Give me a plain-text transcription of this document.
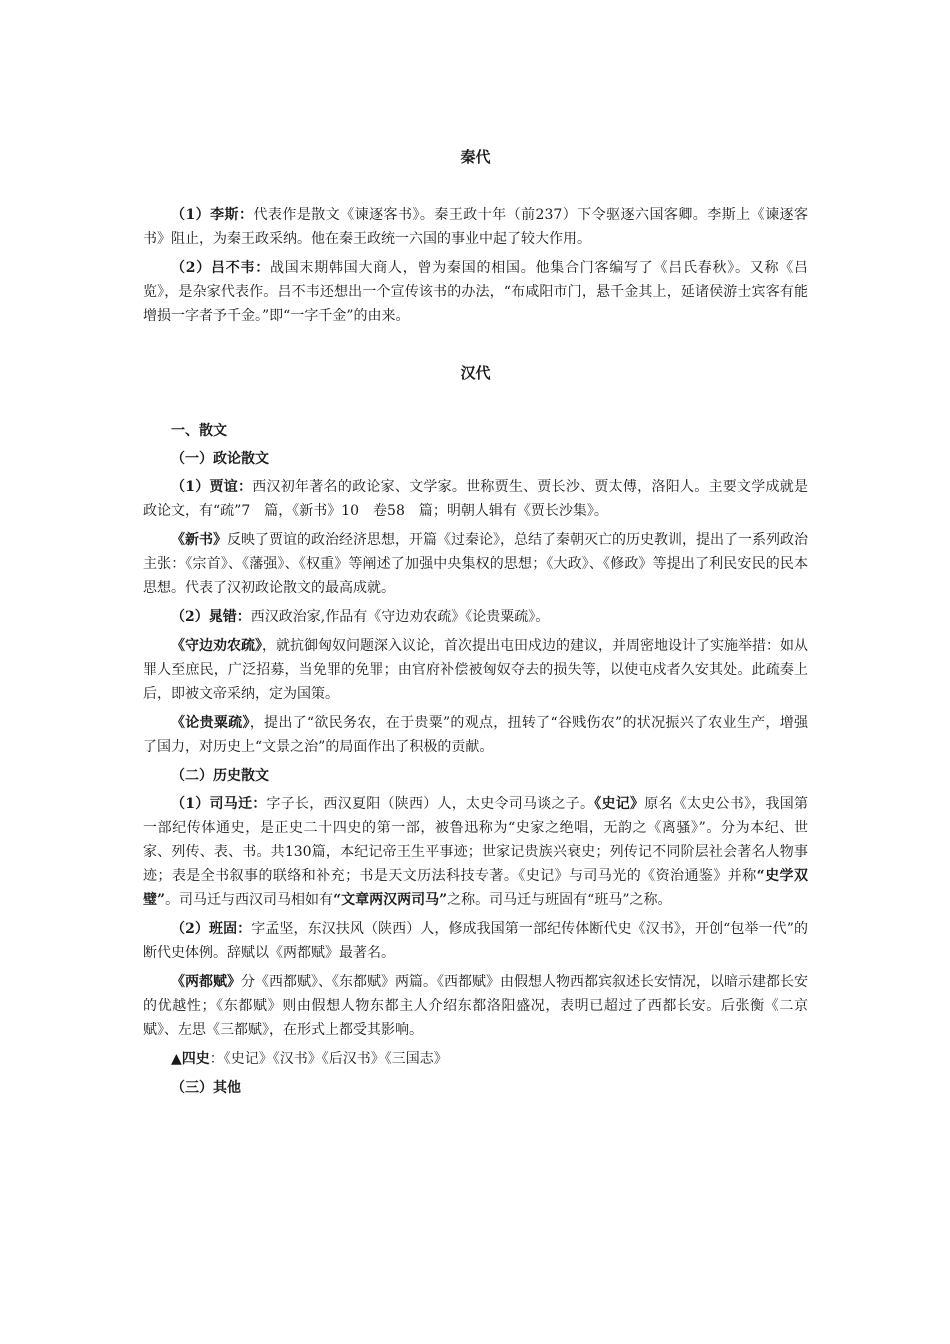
秦代

（1）李斯：代表作是散文《谏逐客书》。秦王政十年（前237）下令驱逐六国客卿。李斯上《谏逐客书》阻止，为秦王政采纳。他在秦王政统一六国的事业中起了较大作用。

（2）吕不韦：战国末期韩国大商人，曾为秦国的相国。他集合门客编写了《吕氏春秋》。又称《吕览》，是杂家代表作。吕不韦还想出一个宣传该书的办法，“布咸阳市门，悬千金其上，延诸侯游士宾客有能增损一字者予千金。”即“一字千金”的由来。

汉代

一、散文

（一）政论散文

（1）贾谊：西汉初年著名的政论家、文学家。世称贾生、贾长沙、贾太傅，洛阳人。主要文学成就是政论文，有“疏”7　篇，《新书》10　卷58　篇；明朝人辑有《贾长沙集》。

《新书》反映了贾谊的政治经济思想，开篇《过秦论》，总结了秦朝灭亡的历史教训，提出了一系列政治主张：《宗首》、《藩强》、《权重》等阐述了加强中央集权的思想；《大政》、《修政》等提出了利民安民的民本思想。代表了汉初政论散文的最高成就。

（2）晁错：西汉政治家,作品有《守边劝农疏》《论贵粟疏》。

《守边劝农疏》，就抗御匈奴问题深入议论，首次提出屯田戍边的建议，并周密地设计了实施举措：如从罪人至庶民，广泛招募，当免罪的免罪；由官府补偿被匈奴夺去的损失等，以使屯戍者久安其处。此疏奏上后，即被文帝采纳，定为国策。

《论贵粟疏》，提出了“欲民务农，在于贵粟”的观点，扭转了“谷贱伤农”的状况振兴了农业生产，增强了国力，对历史上“文景之治”的局面作出了积极的贡献。

（二）历史散文

（1）司马迁：字子长，西汉夏阳（陕西）人，太史令司马谈之子。《史记》原名《太史公书》，我国第一部纪传体通史，是正史二十四史的第一部，被鲁迅称为“史家之绝唱，无韵之《离骚》”。分为本纪、世家、列传、表、书。共130篇，本纪记帝王生平事迹；世家记贵族兴衰史；列传记不同阶层社会著名人物事迹；表是全书叙事的联络和补充；书是天文历法科技专著。《史记》与司马光的《资治通鉴》并称“史学双璧”。司马迁与西汉司马相如有“文章两汉两司马”之称。司马迁与班固有“班马”之称。

（2）班固：字孟坚，东汉扶风（陕西）人，修成我国第一部纪传体断代史《汉书》，开创“包举一代”的断代史体例。辞赋以《两都赋》最著名。

《两都赋》分《西都赋》、《东都赋》两篇。《西都赋》由假想人物西都宾叙述长安情况，以暗示建都长安的优越性；《东都赋》则由假想人物东都主人介绍东都洛阳盛况，表明已超过了西都长安。后张衡《二京赋》、左思《三都赋》，在形式上都受其影响。

▲四史：《史记》《汉书》《后汉书》《三国志》

（三）其他
